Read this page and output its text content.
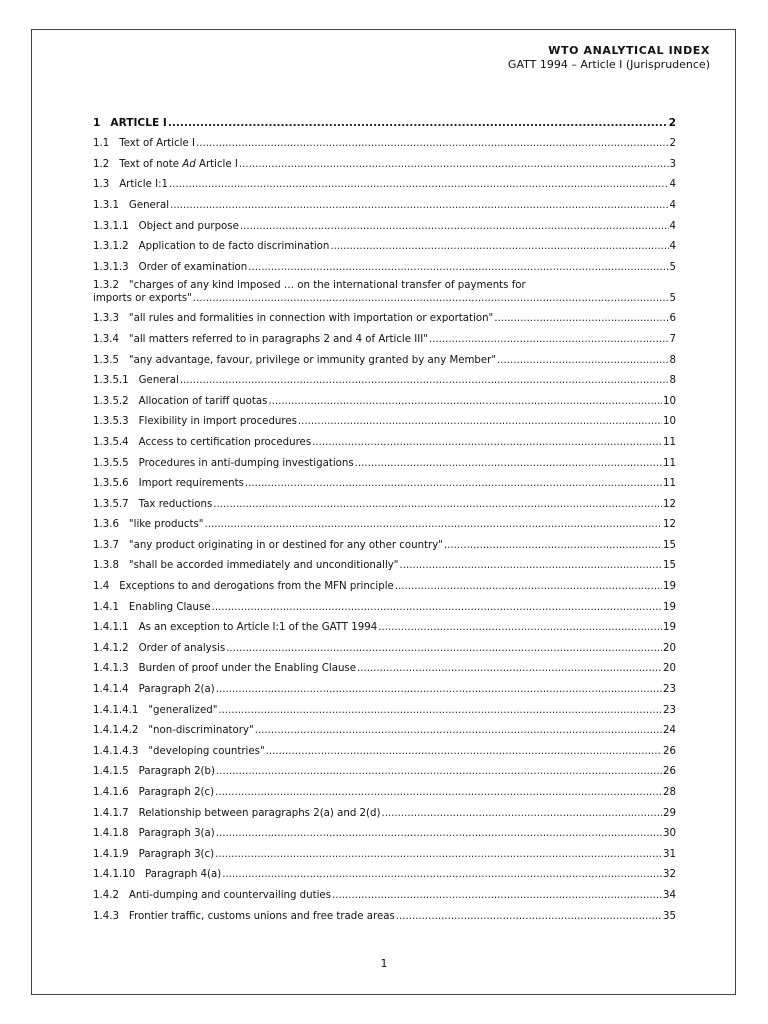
WTO ANALYTICAL INDEX
GATT 1994 – Article I (Jurisprudence)
1 ARTICLE I .....	2
1.1 Text of Article I .....	2
1.2 Text of note Ad Article I .....	3
1.3 Article I:1 .....	4
1.3.1 General .....	4
1.3.1.1 Object and purpose .....	4
1.3.1.2 Application to de facto discrimination .....	4
1.3.1.3 Order of examination .....	5
1.3.2 "charges of any kind imposed … on the international transfer of payments for
imports or exports" .....	5
1.3.3 "all rules and formalities in connection with importation or exportation" .....	6
1.3.4 "all matters referred to in paragraphs 2 and 4 of Article III" .....	7
1.3.5 "any advantage, favour, privilege or immunity granted by any Member" .....	8
1.3.5.1 General .....	8
1.3.5.2 Allocation of tariff quotas .....	10
1.3.5.3 Flexibility in import procedures .....	10
1.3.5.4 Access to certification procedures .....	11
1.3.5.5 Procedures in anti-dumping investigations .....	11
1.3.5.6 Import requirements .....	11
1.3.5.7 Tax reductions .....	12
1.3.6 "like products" .....	12
1.3.7 "any product originating in or destined for any other country" .....	15
1.3.8 "shall be accorded immediately and unconditionally" .....	15
1.4 Exceptions to and derogations from the MFN principle .....	19
1.4.1 Enabling Clause .....	19
1.4.1.1 As an exception to Article I:1 of the GATT 1994 .....	19
1.4.1.2 Order of analysis .....	20
1.4.1.3 Burden of proof under the Enabling Clause .....	20
1.4.1.4 Paragraph 2(a) .....	23
1.4.1.4.1 "generalized" .....	23
1.4.1.4.2 "non-discriminatory" .....	24
1.4.1.4.3 "developing countries" .....	26
1.4.1.5 Paragraph 2(b) .....	26
1.4.1.6 Paragraph 2(c) .....	28
1.4.1.7 Relationship between paragraphs 2(a) and 2(d) .....	29
1.4.1.8 Paragraph 3(a) .....	30
1.4.1.9 Paragraph 3(c) .....	31
1.4.1.10 Paragraph 4(a) .....	32
1.4.2 Anti-dumping and countervailing duties .....	34
1.4.3 Frontier traffic, customs unions and free trade areas .....	35
1
